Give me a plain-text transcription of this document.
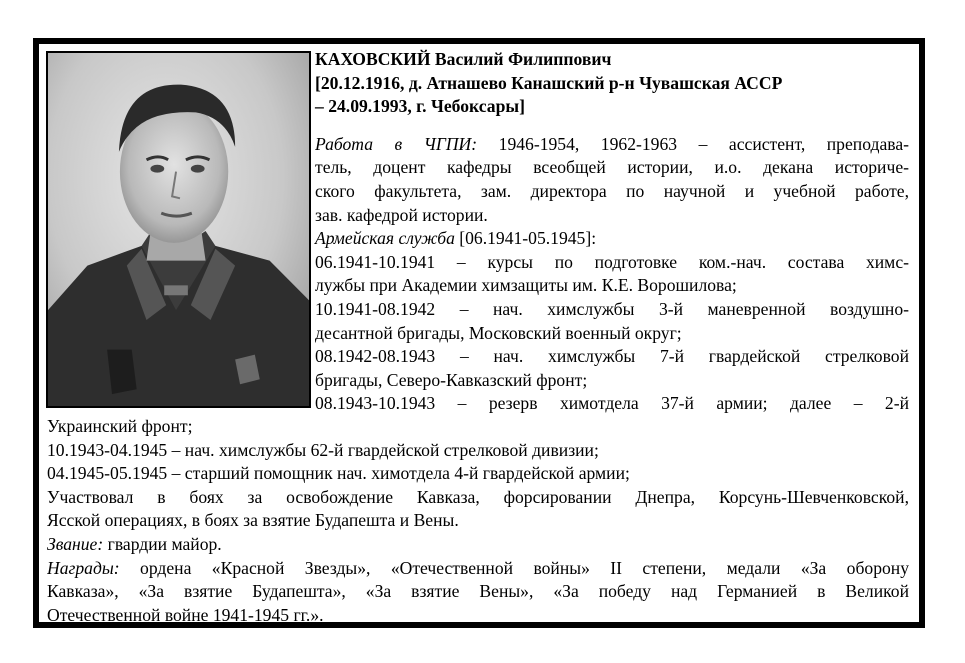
КАХОВСКИЙ Василий Филиппович
[20.12.1916, д. Атнашево Канашский р-н Чувашская АССР
– 24.09.1993, г. Чебоксары]
Работа в ЧГПИ: 1946-1954, 1962-1963 – ассистент, преподава-
тель, доцент кафедры всеобщей истории, и.о. декана историче-
ского факультета, зам. директора по научной и учебной работе,
зав. кафедрой истории.
Армейская служба [06.1941-05.1945]:
06.1941-10.1941 – курсы по подготовке ком.-нач. состава химс-
лужбы при Академии химзащиты им. К.Е. Ворошилова;
10.1941-08.1942 – нач. химслужбы 3-й маневренной воздушно-
десантной бригады, Московский военный округ;
08.1942-08.1943 – нач. химслужбы 7-й гвардейской стрелковой
бригады, Северо-Кавказский фронт;
08.1943-10.1943 – резерв химотдела 37-й армии; далее – 2-й
Украинский фронт;
10.1943-04.1945 – нач. химслужбы 62-й гвардейской стрелковой дивизии;
04.1945-05.1945 – старший помощник нач. химотдела 4-й гвардейской армии;
Участвовал в боях за освобождение Кавказа, форсировании Днепра, Корсунь-Шевченковской,
Ясской операциях, в боях за взятие Будапешта и Вены.
Звание: гвардии майор.
Награды: ордена «Красной Звезды», «Отечественной войны» II степени, медали «За оборону
Кавказа», «За взятие Будапешта», «За взятие Вены», «За победу над Германией в Великой
Отечественной войне 1941-1945 гг.».
